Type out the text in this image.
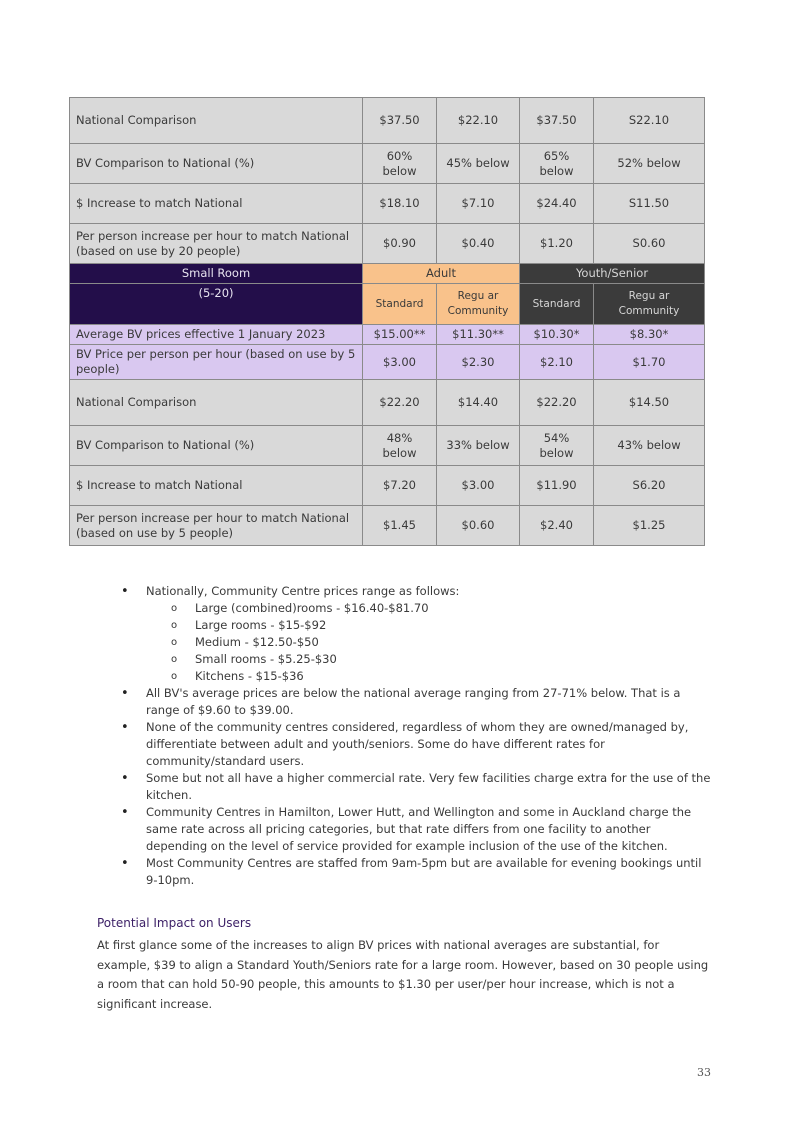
National Comparison	$37.50	$22.10	$37.50	S22.10
BV Comparison to National (%)	60% below	45% below	65% below	52% below
$ Increase to match National	$18.10	$7.10	$24.40	S11.50
Per person increase per hour to match National (based on use by 20 people)	$0.90	$0.40	$1.20	S0.60
Small Room	Adult		Youth/Senior	
(5-20)	Standard	Regu ar Community	Standard	Regu ar Community
Average BV prices effective 1 January 2023	$15.00**	$11.30**	$10.30*	$8.30*
BV Price per person per hour (based on use by 5 people)	$3.00	$2.30	$2.10	$1.70
National Comparison	$22.20	$14.40	$22.20	$14.50
BV Comparison to National (%)	48% below	33% below	54% below	43% below
$ Increase to match National	$7.20	$3.00	$11.90	S6.20
Per person increase per hour to match National (based on use by 5 people)	$1.45	$0.60	$2.40	$1.25
• Nationally, Community Centre prices range as follows:
o Large (combined)rooms - $16.40-$81.70
o Large rooms - $15-$92
o Medium - $12.50-$50
o Small rooms - $5.25-$30
o Kitchens - $15-$36
• All BV's average prices are below the national average ranging from 27-71% below. That is a range of $9.60 to $39.00.
• None of the community centres considered, regardless of whom they are owned/managed by, differentiate between adult and youth/seniors. Some do have different rates for community/standard users.
• Some but not all have a higher commercial rate. Very few facilities charge extra for the use of the kitchen.
• Community Centres in Hamilton, Lower Hutt, and Wellington and some in Auckland charge the same rate across all pricing categories, but that rate differs from one facility to another depending on the level of service provided for example inclusion of the use of the kitchen.
• Most Community Centres are staffed from 9am-5pm but are available for evening bookings until 9-10pm.
Potential Impact on Users
At first glance some of the increases to align BV prices with national averages are substantial, for example, $39 to align a Standard Youth/Seniors rate for a large room. However, based on 30 people using a room that can hold 50-90 people, this amounts to $1.30 per user/per hour increase, which is not a significant increase.
33
